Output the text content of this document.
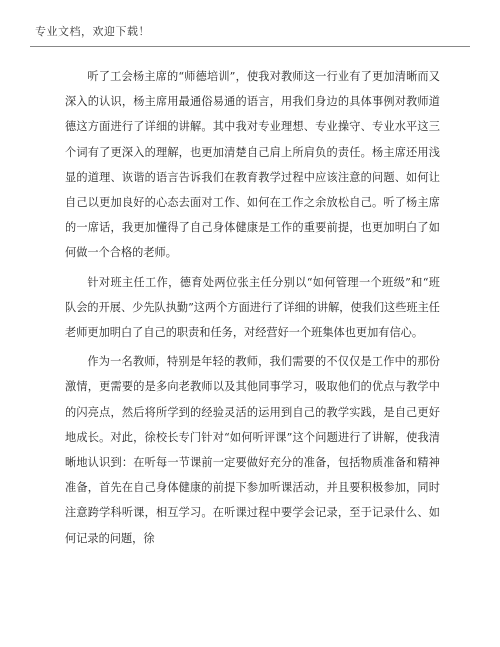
专业文档，欢迎下载！

听了工会杨主席的“师德培训”，使我对教师这一行业有了更加清晰而又深入的认识，杨主席用最通俗易通的语言，用我们身边的具体事例对教师道德这方面进行了详细的讲解。其中我对专业理想、专业操守、专业水平这三个词有了更深入的理解，也更加清楚自己肩上所肩负的责任。杨主席还用浅显的道理、诙谐的语言告诉我们在教育教学过程中应该注意的问题、如何让自己以更加良好的心态去面对工作、如何在工作之余放松自己。听了杨主席的一席话，我更加懂得了自己身体健康是工作的重要前提，也更加明白了如何做一个合格的老师。

针对班主任工作，德育处两位张主任分别以“如何管理一个班级”和“班队会的开展、少先队执勤”这两个方面进行了详细的讲解，使我们这些班主任老师更加明白了自己的职责和任务，对经营好一个班集体也更加有信心。

作为一名教师，特别是年轻的教师，我们需要的不仅仅是工作中的那份激情，更需要的是多向老教师以及其他同事学习，吸取他们的优点与教学中的闪亮点，然后将所学到的经验灵活的运用到自己的教学实践，是自己更好地成长。对此，徐校长专门针对“如何听评课”这个问题进行了讲解，使我清晰地认识到：在听每一节课前一定要做好充分的准备，包括物质准备和精神准备，首先在自己身体健康的前提下参加听课活动，并且要积极参加，同时注意跨学科听课，相互学习。在听课过程中要学会记录，至于记录什么、如何记录的问题，徐
